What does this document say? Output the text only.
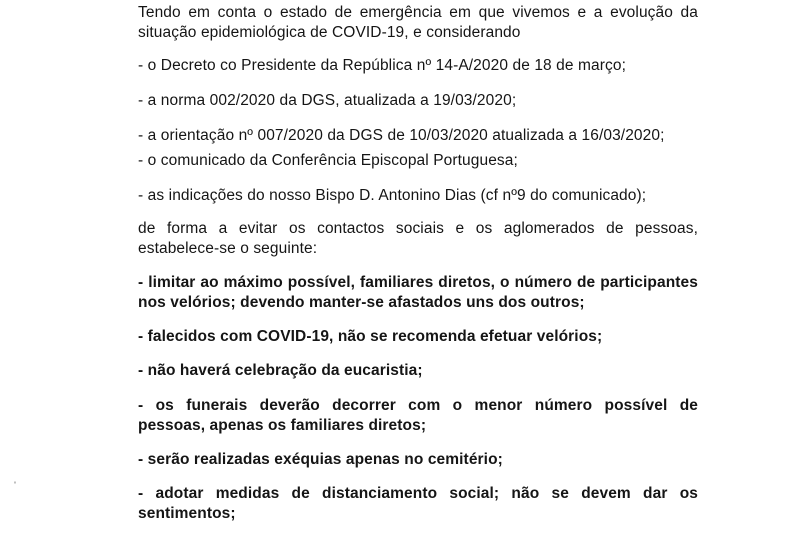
Tendo em conta o estado de emergência em que vivemos e a evolução da
situação epidemiológica de COVID-19, e considerando
- o Decreto co Presidente da República nº 14-A/2020 de 18 de março;
- a norma 002/2020 da DGS, atualizada a 19/03/2020;
- a orientação nº 007/2020 da DGS de 10/03/2020 atualizada a 16/03/2020;
- o comunicado da Conferência Episcopal Portuguesa;
- as indicações do nosso Bispo D. Antonino Dias (cf nº9 do comunicado);
de forma a evitar os contactos sociais e os aglomerados de pessoas,
estabelece-se o seguinte:
- limitar ao máximo possível, familiares diretos, o número de participantes
nos velórios; devendo manter-se afastados uns dos outros;
- falecidos com COVID-19, não se recomenda efetuar velórios;
- não haverá celebração da eucaristia;
- os funerais deverão decorrer com o menor número possível de
pessoas, apenas os familiares diretos;
- serão realizadas exéquias apenas no cemitério;
- adotar medidas de distanciamento social; não se devem dar os
sentimentos;
ˌ
